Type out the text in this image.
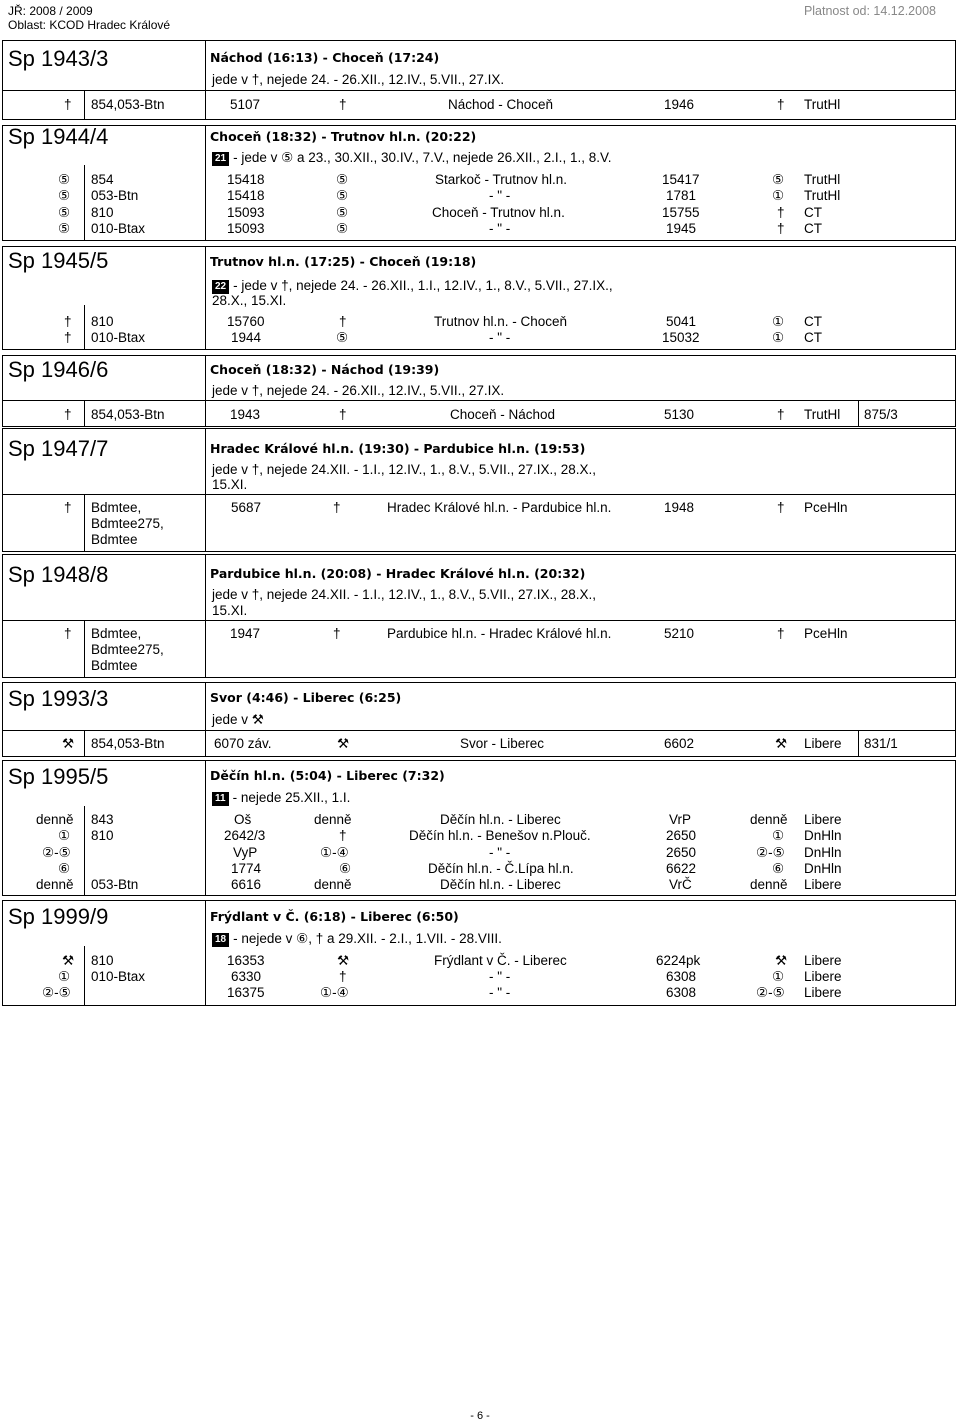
JŘ: 2008 / 2009
Oblast: KCOD Hradec Králové
Platnost od: 14.12.2008
Sp 1943/3	Náchod (16:13) - Choceň (17:24)
jede v †, nejede 24. - 26.XII., 12.IV., 5.VII., 27.IX.
† 854,053-Btn	5107	†	Náchod - Choceň	1946	† TrutHl
Sp 1944/4	Choceň (18:32) - Trutnov hl.n. (20:22)
21 - jede v ⑤ a 23., 30.XII., 30.IV., 7.V., nejede 26.XII., 2.I., 1., 8.V.
⑤ 854	15418	⑤	Starkoč - Trutnov hl.n.	15417	⑤ TrutHl
⑤ 053-Btn	15418	⑤	- " -	1781	① TrutHl
⑤ 810	15093	⑤	Choceň - Trutnov hl.n.	15755	† CT
⑤ 010-Btax	15093	⑤	- " -	1945	† CT
Sp 1945/5	Trutnov hl.n. (17:25) - Choceň (19:18)
22 - jede v †, nejede 24. - 26.XII., 1.I., 12.IV., 1., 8.V., 5.VII., 27.IX.,
28.X., 15.XI.
† 810	15760	†	Trutnov hl.n. - Choceň	5041	① CT
† 010-Btax	1944	⑤	- " -	15032	① CT
Sp 1946/6	Choceň (18:32) - Náchod (19:39)
jede v †, nejede 24. - 26.XII., 12.IV., 5.VII., 27.IX.
† 854,053-Btn	1943	†	Choceň - Náchod	5130	† TrutHl 875/3
Sp 1947/7	Hradec Králové hl.n. (19:30) - Pardubice hl.n. (19:53)
jede v †, nejede 24.XII. - 1.I., 12.IV., 1., 8.V., 5.VII., 27.IX., 28.X.,
15.XI.
† Bdmtee,
Bdmtee275,
Bdmtee
5687	†	Hradec Králové hl.n. - Pardubice hl.n.	1948	† PceHln
Sp 1948/8	Pardubice hl.n. (20:08) - Hradec Králové hl.n. (20:32)
jede v †, nejede 24.XII. - 1.I., 12.IV., 1., 8.V., 5.VII., 27.IX., 28.X.,
15.XI.
† Bdmtee,
Bdmtee275,
Bdmtee
1947	†	Pardubice hl.n. - Hradec Králové hl.n.	5210	† PceHln
Sp 1993/3	Svor (4:46) - Liberec (6:25)
jede v ⚒
⚒ 854,053-Btn	6070 záv.	⚒	Svor - Liberec	6602	⚒ Libere 831/1
Sp 1995/5	Děčín hl.n. (5:04) - Liberec (7:32)
11 - nejede 25.XII., 1.I.
denně 843	Oš	denně	Děčín hl.n. - Liberec	VrP	denně Libere
① 810	2642/3	†	Děčín hl.n. - Benešov n.Plouč.	2650	① DnHln
②-⑤	VyP	①-④	- " -	2650	②-⑤ DnHln
⑥	1774	⑥	Děčín hl.n. - Č.Lípa hl.n.	6622	⑥ DnHln
denně 053-Btn	6616	denně	Děčín hl.n. - Liberec	VrČ	denně Libere
Sp 1999/9	Frýdlant v Č. (6:18) - Liberec (6:50)
18 - nejede v ⑥, † a 29.XII. - 2.I., 1.VII. - 28.VIII.
⚒ 810	16353	⚒	Frýdlant v Č. - Liberec	6224pk	⚒ Libere
① 010-Btax	6330	†	- " -	6308	① Libere
②-⑤	16375	①-④	- " -	6308	②-⑤ Libere
- 6 -
